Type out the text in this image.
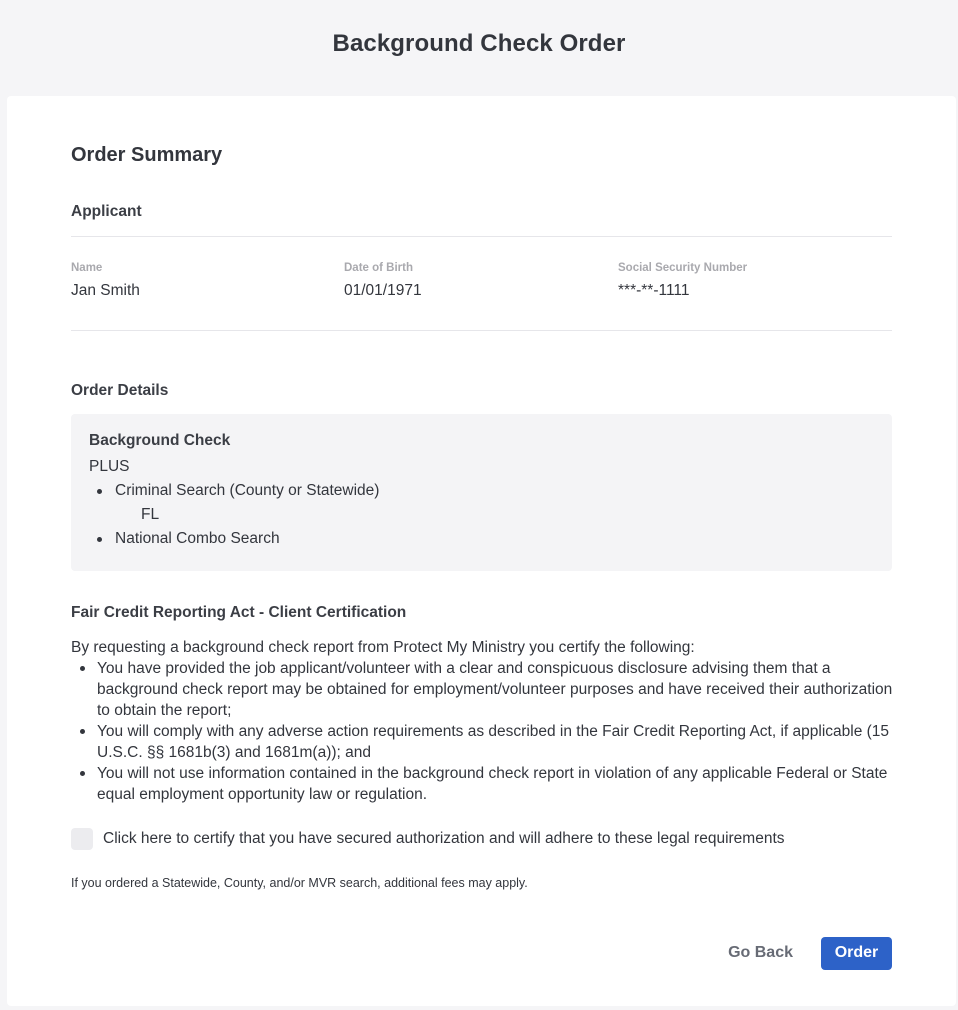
Background Check Order
Order Summary
Applicant
Name
Jan Smith
Date of Birth
01/01/1971
Social Security Number
***-**-1111
Order Details
Background Check
PLUS
Criminal Search (County or Statewide)
FL
National Combo Search
Fair Credit Reporting Act - Client Certification

By requesting a background check report from Protect My Ministry you certify the following:

You have provided the job applicant/volunteer with a clear and conspicuous disclosure advising them that a background check report may be obtained for employment/volunteer purposes and have received their authorization to obtain the report;
You will comply with any adverse action requirements as described in the Fair Credit Reporting Act, if applicable (15 U.S.C. §§ 1681b(3) and 1681m(a)); and
You will not use information contained in the background check report in violation of any applicable Federal or State equal employment opportunity law or regulation.
Click here to certify that you have secured authorization and will adhere to these legal requirements

If you ordered a Statewide, County, and/or MVR search, additional fees may apply.

Go Back	Order
